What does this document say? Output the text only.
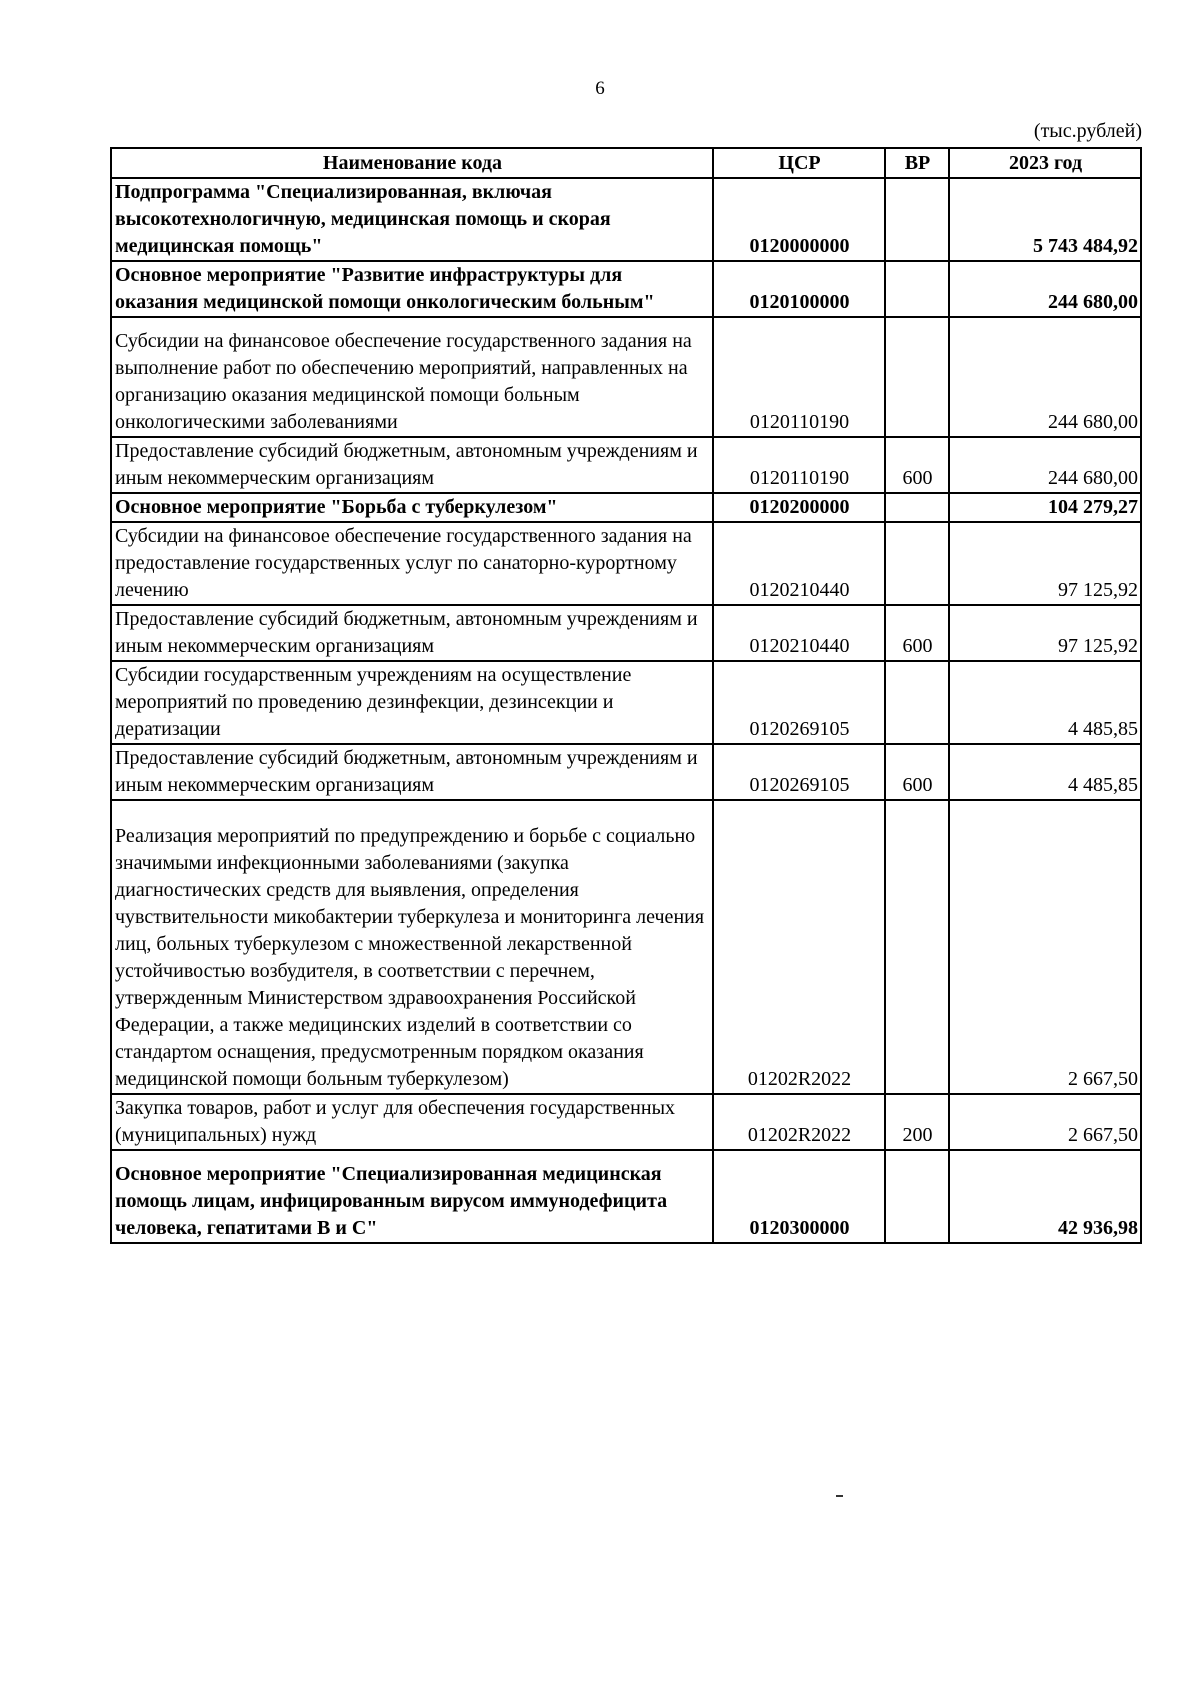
6
(тыс.рублей)
Наименование кода	ЦСР	ВР	2023 год
Подпрограмма "Специализированная, включая высокотехнологичную, медицинская помощь и скорая медицинская помощь"	0120000000		5 743 484,92
Основное мероприятие "Развитие инфраструктуры для оказания медицинской помощи онкологическим больным"	0120100000		244 680,00
Субсидии на финансовое обеспечение государственного задания на выполнение работ по обеспечению мероприятий, направленных на организацию оказания медицинской помощи больным онкологическими заболеваниями	0120110190		244 680,00
Предоставление субсидий бюджетным, автономным учреждениям и иным некоммерческим организациям	0120110190	600	244 680,00
Основное мероприятие "Борьба с туберкулезом"	0120200000		104 279,27
Субсидии на финансовое обеспечение государственного задания на предоставление государственных услуг по санаторно-курортному лечению	0120210440		97 125,92
Предоставление субсидий бюджетным, автономным учреждениям и иным некоммерческим организациям	0120210440	600	97 125,92
Субсидии государственным учреждениям на осуществление мероприятий по проведению дезинфекции, дезинсекции и дератизации	0120269105		4 485,85
Предоставление субсидий бюджетным, автономным учреждениям и иным некоммерческим организациям	0120269105	600	4 485,85
Реализация мероприятий по предупреждению и борьбе с социально значимыми инфекционными заболеваниями (закупка диагностических средств для выявления, определения чувствительности микобактерии туберкулеза и мониторинга лечения лиц, больных туберкулезом с множественной лекарственной устойчивостью возбудителя, в соответствии с перечнем, утвержденным Министерством здравоохранения Российской Федерации, а также медицинских изделий в соответствии со стандартом оснащения, предусмотренным порядком оказания медицинской помощи больным туберкулезом)	01202R2022		2 667,50
Закупка товаров, работ и услуг для обеспечения государственных (муниципальных) нужд	01202R2022	200	2 667,50
Основное мероприятие "Специализированная медицинская помощь лицам, инфицированным вирусом иммунодефицита человека, гепатитами В и С"	0120300000		42 936,98
